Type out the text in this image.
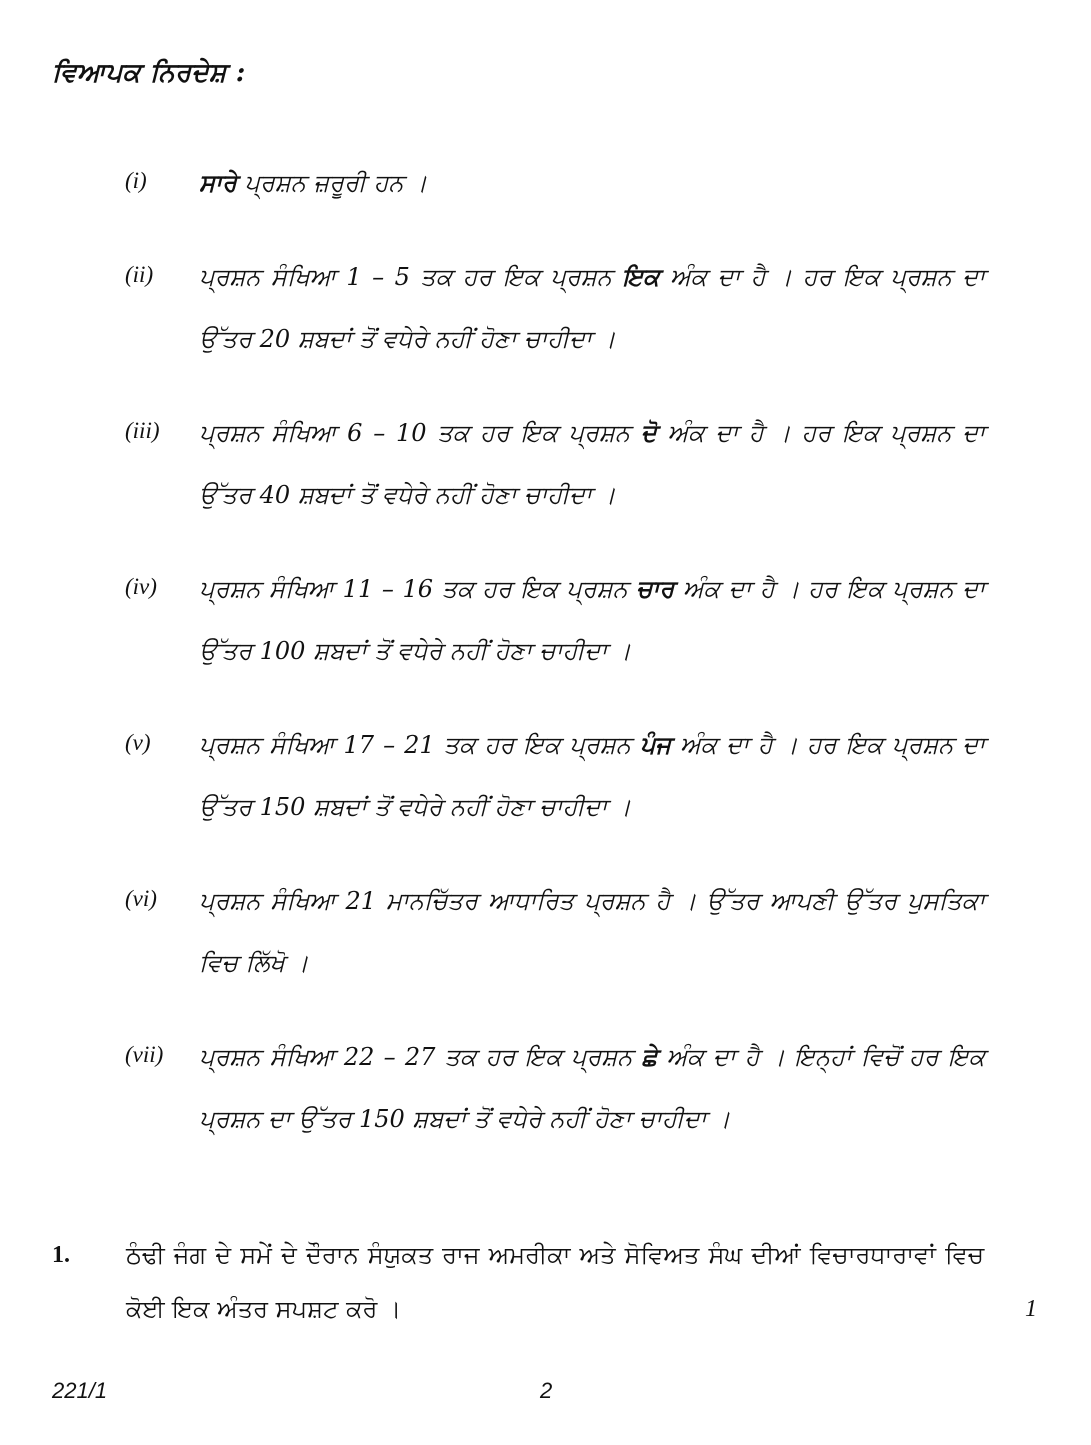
ਵਿਆਪਕ ਨਿਰਦੇਸ਼ :
(i) ਸਾਰੇ ਪ੍ਰਸ਼ਨ ਜ਼ਰੂਰੀ ਹਨ ।
(ii) ਪ੍ਰਸ਼ਨ ਸੰਖਿਆ 1 – 5 ਤਕ ਹਰ ਇਕ ਪ੍ਰਸ਼ਨ ਇਕ ਅੰਕ ਦਾ ਹੈ । ਹਰ ਇਕ ਪ੍ਰਸ਼ਨ ਦਾ ਉੱਤਰ 20 ਸ਼ਬਦਾਂ ਤੋਂ ਵਧੇਰੇ ਨਹੀਂ ਹੋਣਾ ਚਾਹੀਦਾ ।
(iii) ਪ੍ਰਸ਼ਨ ਸੰਖਿਆ 6 – 10 ਤਕ ਹਰ ਇਕ ਪ੍ਰਸ਼ਨ ਦੋ ਅੰਕ ਦਾ ਹੈ । ਹਰ ਇਕ ਪ੍ਰਸ਼ਨ ਦਾ ਉੱਤਰ 40 ਸ਼ਬਦਾਂ ਤੋਂ ਵਧੇਰੇ ਨਹੀਂ ਹੋਣਾ ਚਾਹੀਦਾ ।
(iv) ਪ੍ਰਸ਼ਨ ਸੰਖਿਆ 11 – 16 ਤਕ ਹਰ ਇਕ ਪ੍ਰਸ਼ਨ ਚਾਰ ਅੰਕ ਦਾ ਹੈ । ਹਰ ਇਕ ਪ੍ਰਸ਼ਨ ਦਾ ਉੱਤਰ 100 ਸ਼ਬਦਾਂ ਤੋਂ ਵਧੇਰੇ ਨਹੀਂ ਹੋਣਾ ਚਾਹੀਦਾ ।
(v) ਪ੍ਰਸ਼ਨ ਸੰਖਿਆ 17 – 21 ਤਕ ਹਰ ਇਕ ਪ੍ਰਸ਼ਨ ਪੰਜ ਅੰਕ ਦਾ ਹੈ । ਹਰ ਇਕ ਪ੍ਰਸ਼ਨ ਦਾ ਉੱਤਰ 150 ਸ਼ਬਦਾਂ ਤੋਂ ਵਧੇਰੇ ਨਹੀਂ ਹੋਣਾ ਚਾਹੀਦਾ ।
(vi) ਪ੍ਰਸ਼ਨ ਸੰਖਿਆ 21 ਮਾਨਚਿੱਤਰ ਆਧਾਰਿਤ ਪ੍ਰਸ਼ਨ ਹੈ । ਉੱਤਰ ਆਪਣੀ ਉੱਤਰ ਪੁਸਤਿਕਾ ਵਿਚ ਲਿੱਖੋ ।
(vii) ਪ੍ਰਸ਼ਨ ਸੰਖਿਆ 22 – 27 ਤਕ ਹਰ ਇਕ ਪ੍ਰਸ਼ਨ ਛੇ ਅੰਕ ਦਾ ਹੈ । ਇਨ੍ਹਾਂ ਵਿਚੋਂ ਹਰ ਇਕ ਪ੍ਰਸ਼ਨ ਦਾ ਉੱਤਰ 150 ਸ਼ਬਦਾਂ ਤੋਂ ਵਧੇਰੇ ਨਹੀਂ ਹੋਣਾ ਚਾਹੀਦਾ ।
1. ਠੰਢੀ ਜੰਗ ਦੇ ਸਮੇਂ ਦੇ ਦੌਰਾਨ ਸੰਯੁਕਤ ਰਾਜ ਅਮਰੀਕਾ ਅਤੇ ਸੋਵਿਅਤ ਸੰਘ ਦੀਆਂ ਵਿਚਾਰਧਾਰਾਵਾਂ ਵਿਚ ਕੋਈ ਇਕ ਅੰਤਰ ਸਪਸ਼ਟ ਕਰੋ ।	1
221/1	2
